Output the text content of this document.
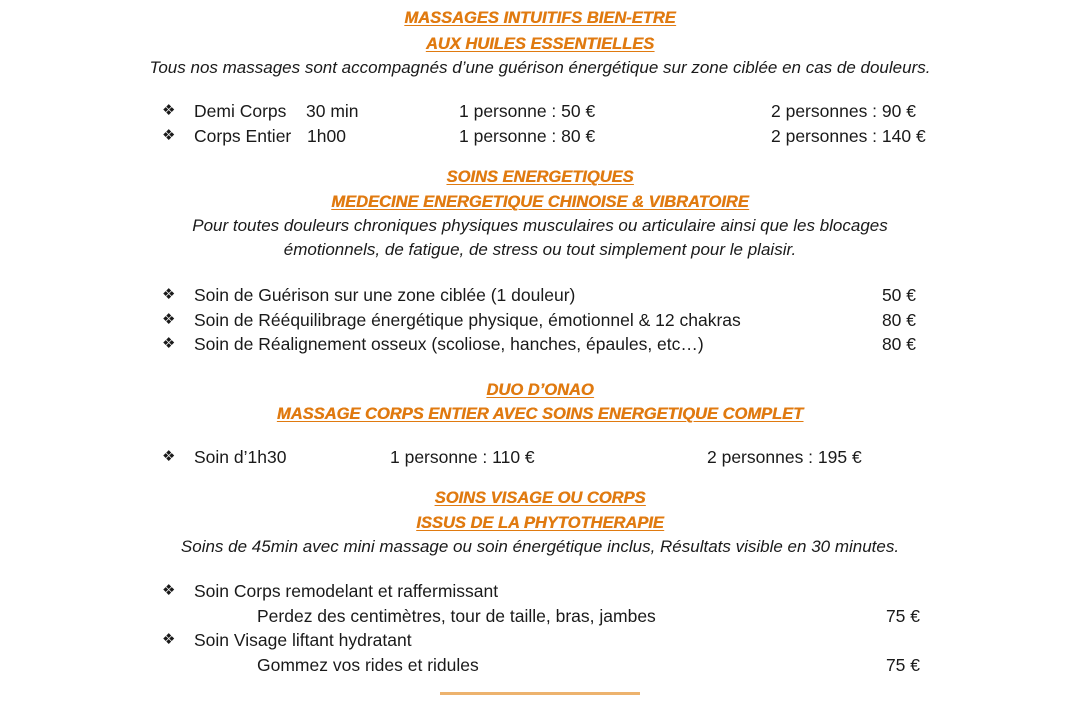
MASSAGES INTUITIFS BIEN-ETRE
AUX HUILES ESSENTIELLES
Tous nos massages sont accompagnés d’une guérison énergétique sur zone ciblée en cas de douleurs.
❖ Demi Corps 30 min	1 personne : 50 €	2 personnes : 90 €
❖ Corps Entier 1h00	1 personne : 80 €	2 personnes : 140 €
SOINS ENERGETIQUES
MEDECINE ENERGETIQUE CHINOISE & VIBRATOIRE
Pour toutes douleurs chroniques physiques musculaires ou articulaire ainsi que les blocages
émotionnels, de fatigue, de stress ou tout simplement pour le plaisir.
❖ Soin de Guérison sur une zone ciblée (1 douleur)	50 €
❖ Soin de Rééquilibrage énergétique physique, émotionnel & 12 chakras	80 €
❖ Soin de Réalignement osseux (scoliose, hanches, épaules, etc…)	80 €
DUO D’ONAO
MASSAGE CORPS ENTIER AVEC SOINS ENERGETIQUE COMPLET
❖ Soin d’1h30	1 personne : 110 €	2 personnes : 195 €
SOINS VISAGE OU CORPS
ISSUS DE LA PHYTOTHERAPIE
Soins de 45min avec mini massage ou soin énergétique inclus, Résultats visible en 30 minutes.
❖ Soin Corps remodelant et raffermissant
Perdez des centimètres, tour de taille, bras, jambes	75 €
❖ Soin Visage liftant hydratant
Gommez vos rides et ridules	75 €
